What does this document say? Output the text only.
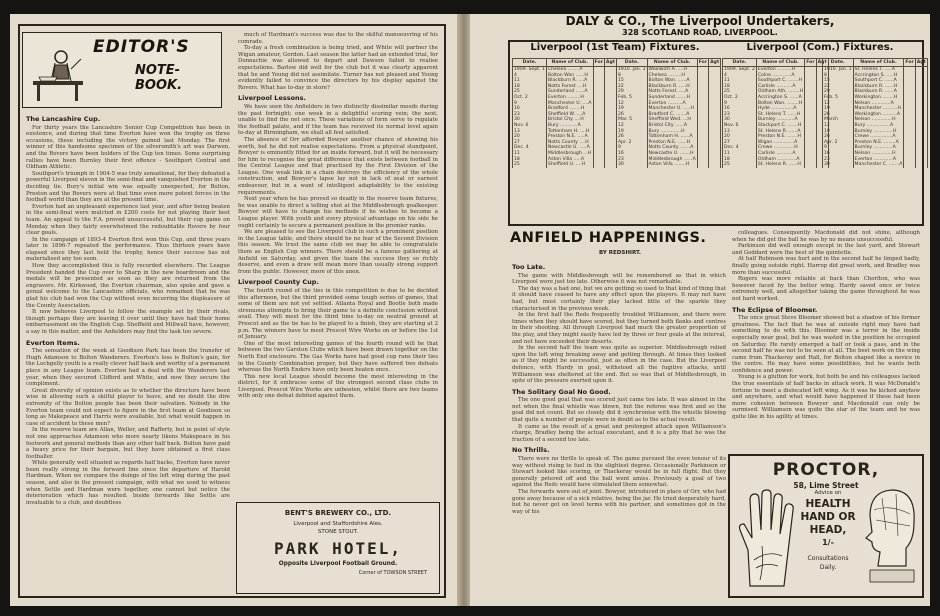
EDITOR'S
NOTE-BOOK.
The Lancashire Cup.

For thirty years the Lancashire Senior Cup Competition has been in existence, and during that time Everton have won the trophy on three occasions, these including the victory gained last Monday. The first winner of this handsome specimen of the silversmith's art was Darwen, and the Rovers have been holders of the Cup ten times. Some surprising rallies have been Burnley their first offence - Southport Central and Oldham Athletic.

Southport's triumph in 1904-5 was truly sensational, for they defeated a powerful Liverpool eleven in the semi-final and vanquished Everton in the deciding tie. Bury's initial win was equally unexpected, for Bolton, Preston and the Rovers were at that time even more potent forces in the football world than they are at the present time.

Everton had an unpleasant experience last year, and after being beaten in the semi-final were mulcted in £200 costs for not playing their best team. An appeal to the F.A. proved unsuccessful, but their cup game on Monday when they fairly overwhelmed the redoubtable Rovers by four clear goals.

In the campaign of 1893-4 Everton first won this Cup, and three years later in 1896-7 repeated the performance. Thus thirteen years have elapsed since they last held the trophy, hence their success has not materialised any too soon.

How they accomplished this is fully recorded elsewhere. The League President handed the Cup over to Sharp in the new boardroom and the medals will be presented as soon as they are returned from the engravers. Mr. Kirkwood, the Everton chairman, also spoke and gave a genial welcome to the Lancashire officials, who remarked that he was glad his club had won the Cup without even incurring the displeasure of the County Association.

It now behoves Liverpool to follow the example set by their rivals, though perhaps they are leaving it over until they have had their home embarrassment on the English Cup. Sheffield and Millwall have, however, a say in this matter, and the Anfielders may find the task too severe.

Everton Items.

The sensation of the week at Goodison Park has been the transfer of Hugh Adamson to Bolton Wanderers. Everton's loss is Bolton's gain, for the Lochgelly youth is a really clever half back and worthy of a permanent place in any League team. Everton had a deal with the Wanderers last year, when they secured Clifford and White, and now they secure the compliment.

Great diversity of opinion exists as to whether the directors have been wise in allowing such a skilful player to leave, and no doubt the dire extremity of the Bolton people has been their salvation. Nobody in the Everton team could not expect to figure in the first team at Goodison so long as Makepeace and Harris were available, but what would happen in case of accident to these men?

In the reserve team are Allan, Weller, and Rafferty, but in point of style not one approaches Adamson who more nearly likens Makepeace in his footwork and general methods than any other half back. Bolton have paid a heavy price for their bargain, but they have obtained a first class footballer.

While generally well situated as regards half backs, Everton have never been really strong in the forward line since the departure of Harold Hardman. When we compare the doings of the left wing during the past season, and also in the present campaign, with what we used to witness when Settle and Hardman were together, one cannot but notice the deterioration which has resulted. Inside forwards like Settle are invaluable to a club, and doubtless

much of Hardman's success was due to the skilful manoeuvring of his comrade.

To-day a fresh combination is being tried, and White will partner the Wigan amateur, Gordon. Last season the latter had an extended trial, for Donnachie was allowed to depart and Dawson failed to realise expectations. Barlow did well for the club but it was clearly apparent that he and Young did not assimilate. Turner has not pleased and Young evidently failed to convince the directors by his display against the Rovers. What has to-day in store?

Liverpool Lessons.

We have seen the Anfielders in two distinctly dissimilar moods during the past fortnight; one week in a delightful scoring vein; the next, unable to find the net once. These variations of form serve to regulate the football palate, and if the team has received its normal level again to-day at Birmingham, we shall all feel satisfied.

The absence of Orr afforded Bowyer another chance of showing his worth, but he did not realise expectations. From a physical standpoint, Bowyer is eminently fitted for an inside forward, but it will be necessary for him to recognise the great difference that exists between football in the Central League and that practised by the First Division of the League. One weak link in a chain destroys the efficiency of the whole construction, and Bowyer's lapse lay not in lack of zeal or earnest endeavour, but in a want of intelligent adaptability to the existing requirements.

Next year when he has proved so deadly in the reserve team fixtures, he was unable to direct a telling shot at the Middlesbrough goalkeeper. Bowyer will have to change his methods if he wishes to become a League player. With youth and every physical advantage on his side he ought certainly to secure a permanent position in the premier ranks.

We are pleased to see the Liverpool club in such a prominent position in the League table, and there should be no fear of the Second Division this season. We trust the same club we may be able to congratulate them as English Cup winners. There should be a famous gathering at Anfield on Saturday, and given the team the success they so richly deserve, and even a draw will mean more than usually strong support from the public. However, more of this anon.

Liverpool County Cup.

The fourth round of the ties in this competition is due to be decided this afternoon, but the third provided some tough series of games, that some of them are not yet settled. Atlanta Royal and Bootle both made strenuous attempts to bring their game to a definite conclusion without avail. They will meet for the third time to-day on neutral ground at Prescot and as the tie has to be played to a finish, they are starting at 2 p.m. The winners have to meet Prescot Wire Works on or before the 1st of January.

One of the most interesting games of the fourth round will be that between the two Garston Clubs which have been drawn together on the North End enclosure. The Gas Works have had good cup runs their ties in the County Combination proper, but they have suffered two defeats whereas the North Enders have only been beaten once.

This new local League should become the most interesting in the district, for it embraces some of the strongest second class clubs in Liverpool. Prescot Wire Works are unbeaten, whilst there are two teams with only one defeat debited against them.

BENT'S BREWERY CO., LTD.
Liverpool and Staffordshire Ales.
STONE STOUT.
PARK HOTEL,
Opposite Liverpool Football Ground.
Corner of TOWSON STREET
DALY & CO., The Liverpool Undertakers,
328 SCOTLAND ROAD, LIVERPOOL.
Liverpool (1st Team) Fixtures.	Liverpool (Com.) Fixtures.
Date.	Name of Club.	For	Agt
1909. Sept. 1	Chelsea ........A		
4	Bolton Wan ......H		
11	Blackburn R. ....A		
18	Notts Forest ....H		
25	Sunderland ......A		
Oct. 2	Everton .........H		
9	Manchester U. ....A		
16	Bradford ........H		
23	Sheffield W. ....A		
30	Bristol City ....H		
Nov. 6	Bury ............A		
13	Tottenham H. ....H		
20	Preston N.E. .....A		
27	Notts County ....H		
Dec. 4	Newcastle U. .....A		
11	Middlesbrough ...H		
18	Aston Villa .....A		
25	Sheffield U. ....H		
Date.	Name of Club.	For	Agt
1910. Jan. 1	Woolwich A. ....H		
8	Chelsea .........H		
15	Bolton Wan. ......A		
22	Blackburn R. .....H		
29	Notts Forest .....A		
Feb. 5	Sunderland .......H		
12	Everton ..........A		
19	Manchester U. .....H		
26	Bradford C. .......A		
Mar. 5	Sheffield Wed. ...H		
12	Bristol City ......A		
19	Bury ..............H		
26	Tottenham H. ......A		
Apr. 2	Preston N.E. ......H		
9	Notts County .......A		
16	Newcastle U. .......H		
23	Middlesbrough ......A		
30	Aston Villa ........H		
Date.	Name of Club.	For	Agt
1909. Sept. 2	Everton ..........H		
4	Colne .............A		
11	Southport C. .......H		
18	Carlisle ...........A		
25	Oldham Ath. ........H		
Oct. 2	Accrington S. ......A		
9	Bolton Wan. ........H		
16	Hyde ...............A		
23	St. Helens T. ......H		
30	Burnley ............A		
Nov. 6	Stockport C. .......H		
13	St. Helens R. ......A		
20	Preston N.E. .......H		
27	Wigan ..............A		
Dec. 4	Crewe ..............H		
11	Carlisle ...........A		
18	Oldham .............A		
25	St. Helens R. ......H		
Date.	Name of Club.	For	Agt
1910. Jan. 1	St. Helens T. .....A		
8	Accrington S. .....H		
15	Southport C. ......A		
22	Blackburn R. ......H		
29	Blackburn R. ......A		
Feb. 5	Workington ........H		
12	Nelson .............A		
19	Manchester ..........H		
26	Workington ..........A		
March	Nelson ..............H		
12	Bury ................A		
19	Burnley .............H		
26	Crewe ...............A		
Apr. 2	Preston N.E. ........A		
9	Burnley .............A		
16	Nelson ..............H		
23	Everton .............A		
30	Manchester C. .......A		
ANFIELD HAPPENINGS.
BY REDSHIRT.
Too Late.

The game with Middlesbrough will be remembered as that in which Liverpool were just too late. Otherwise it was not remarkable.

The day was a bad one, but we are getting so used to that kind of thing that it should have ceased to have any effect upon the players. It may not have had, but most certainly their play lacked little of the sparkle they characterised in the previous week.

In the first half the Reds frequently troubled Williamson, and there were times when they should have scored, but they turned both flanks and centres in their shooting. All through Liverpool had much the greater proportion of the play, and they might easily have led by three or four goals at the interval, and not have exceeded their deserts.

In the second half the team was quite as superior. Middlesbrough relied upon the left wing breaking away and getting through. At times they looked as if they might be successful, just as often in the case. But the Liverpool defence, with Hardy in goal, withstood all the fugitive attacks, until Williamson was sheltered at the end. But so was that of Middlesbrough, in spite of the pressure exerted upon it.

The Solitary Goal No Good.

The one good goal that was scored just came too late. It was almost in the net when the final whistle was blown, but the referee was first and so the goal did not count. But so closely did it synchronise with the whistle blowing that quite a number of people were in doubt as to the actual result.

It came as the result of a great and prolonged attack upon Williamson's charge, Bradley being the actual executant, and it is a pity that he was the fraction of a second too late.

No Thrills.

There were no thrills to speak of. The game pursued the even tenour of its way without rising to fuel in the slightest degree. Occasionally Parkinson or Stewart looked like scoring, or Thackeray would be in full flight. But they generally petered off and the ball went amiss. Previously a goal of two against the Reds would have stimulated them somewhat.

The forwards were out of joint. Bowyer, introduced in place of Orr, who had gone away because of a sick relative, being the jar. He tried desperately hard, but he never got on level terms with his partner, and sometimes got in the way of his

colleagues. Consequently Macdonald did not shine, although when he did get the ball he was by no means unsuccessful.

Parkinson did well enough except in the last yard, and Stewart and Goddard were the best of the quintette.

At half Robinson was hurt and in the second half he limped badly, finally going outside right. Harrop did great work, and Bradley was more than successful.

Rogers was more reliable at back than Chorlton, who was however faced by the better wing. Hardy saved once or twice extremely well, and altogether taking the game throughout he was not hard worked.

The Eclipse of Bloomer.

The once great Steve Bloomer showed but a shadow of his former greatness. The fact that he was at outside right may have had something to do with this. Bloomer was a terror in the inside especially near goal, but he was wasted in the position he occupied on Saturday. He rarely emerged a half or took a pass, and in the second half he was not to be seen at all. The best work on the wing came from Thackeray and Hall, for Bolton shaped like a novice in the centre. He may have some possibilities, but he wants both confidence and power.

Young is a glutton for work, but both he and his colleagues lacked the true essentials of half backs in attack work. It was McDonald's fortune to meet a dislocated left wing. As it was he kicked anyhow and anywhere, and what would have happened if these had been more cohesion between Bowyer and Macdonald can only be surmised. Williamson was quite the star of the team and he was quite like in his agility at times.

PROCTOR,
58, Lime Street
Advice on
HEALTH
HAND OR
HEAD,
1/-
Consultations
Daily.
